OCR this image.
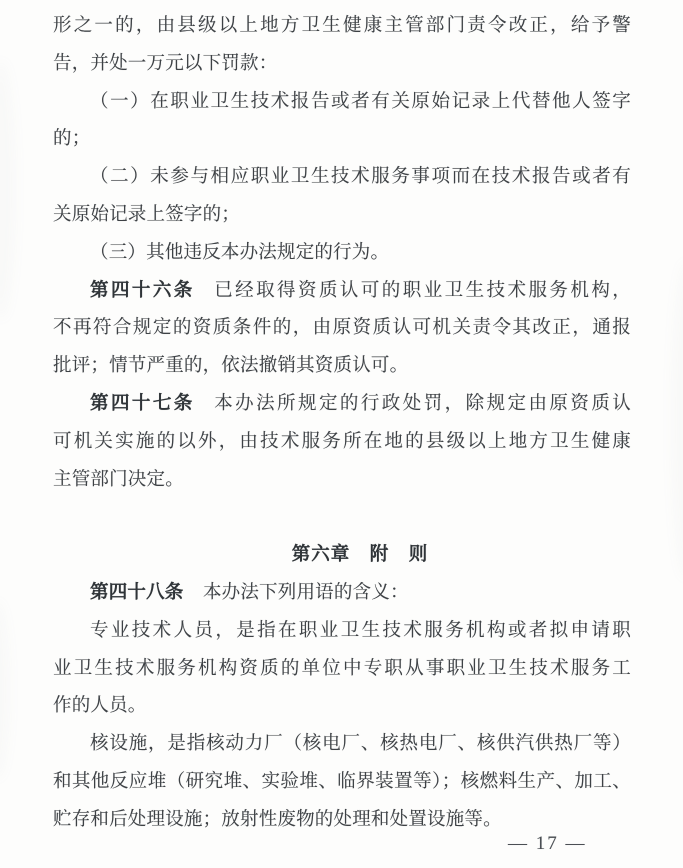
形之一的，由县级以上地方卫生健康主管部门责令改正，给予警
告，并处一万元以下罚款：
（一）在职业卫生技术报告或者有关原始记录上代替他人签字
的；
（二）未参与相应职业卫生技术服务事项而在技术报告或者有
关原始记录上签字的；
（三）其他违反本办法规定的行为。
第四十六条 已经取得资质认可的职业卫生技术服务机构，
不再符合规定的资质条件的，由原资质认可机关责令其改正，通报
批评；情节严重的，依法撤销其资质认可。
第四十七条 本办法所规定的行政处罚，除规定由原资质认
可机关实施的以外，由技术服务所在地的县级以上地方卫生健康
主管部门决定。
第六章　附　则
第四十八条 本办法下列用语的含义：
专业技术人员，是指在职业卫生技术服务机构或者拟申请职
业卫生技术服务机构资质的单位中专职从事职业卫生技术服务工
作的人员。
核设施，是指核动力厂（核电厂、核热电厂、核供汽供热厂等）
和其他反应堆（研究堆、实验堆、临界装置等）；核燃料生产、加工、
贮存和后处理设施；放射性废物的处理和处置设施等。
— 17 —
